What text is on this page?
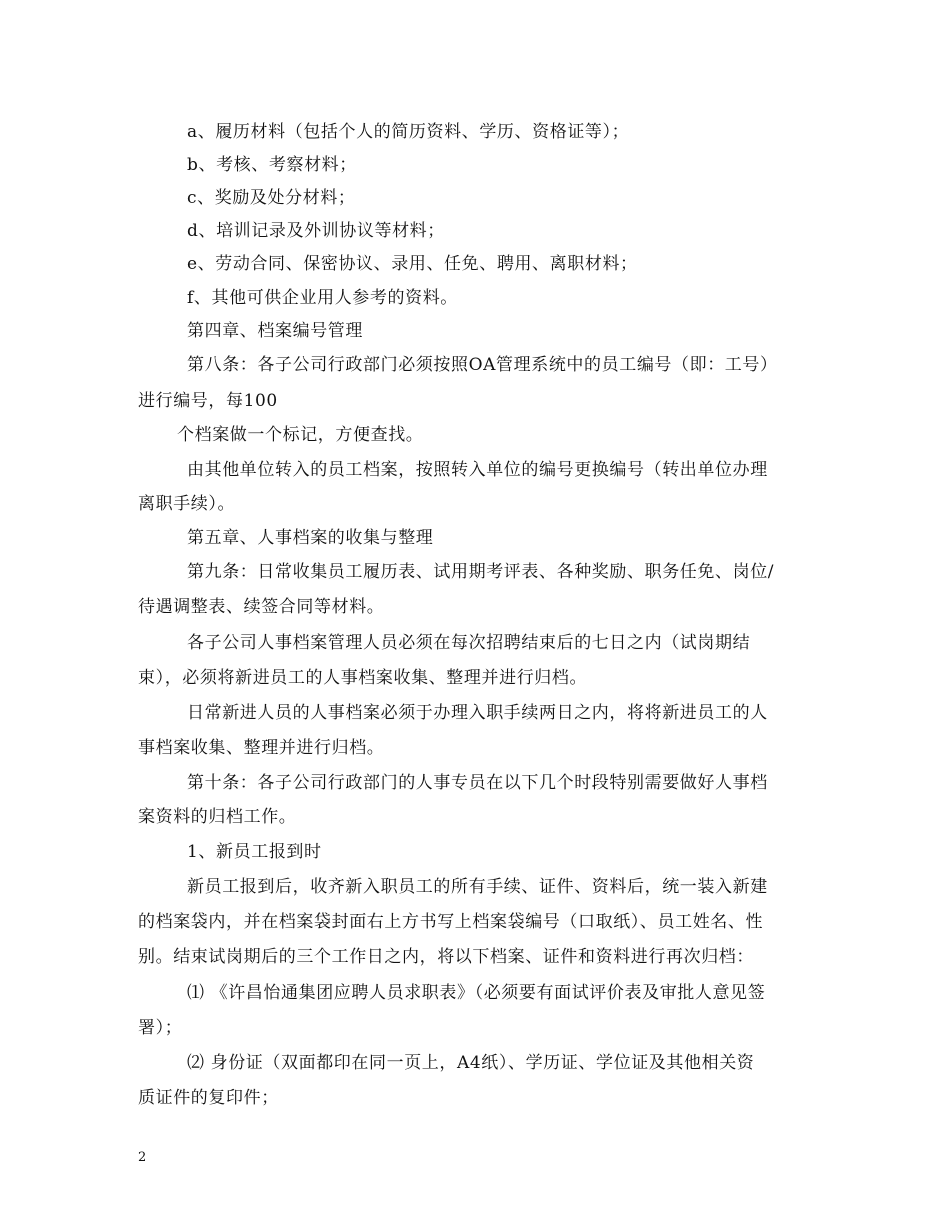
a、履历材料（包括个人的简历资料、学历、资格证等）；
b、考核、考察材料；
c、奖励及处分材料；
d、培训记录及外训协议等材料；
e、劳动合同、保密协议、录用、任免、聘用、离职材料；
f、其他可供企业用人参考的资料。
第四章、档案编号管理
第八条：各子公司行政部门必须按照OA管理系统中的员工编号（即：工号）
进行编号，每100
个档案做一个标记，方便查找。
由其他单位转入的员工档案，按照转入单位的编号更换编号（转出单位办理
离职手续）。
第五章、人事档案的收集与整理
第九条：日常收集员工履历表、试用期考评表、各种奖励、职务任免、岗位/
待遇调整表、续签合同等材料。
各子公司人事档案管理人员必须在每次招聘结束后的七日之内（试岗期结
束），必须将新进员工的人事档案收集、整理并进行归档。
日常新进人员的人事档案必须于办理入职手续两日之内，将将新进员工的人
事档案收集、整理并进行归档。
第十条：各子公司行政部门的人事专员在以下几个时段特别需要做好人事档
案资料的归档工作。
1、新员工报到时
新员工报到后，收齐新入职员工的所有手续、证件、资料后，统一装入新建
的档案袋内，并在档案袋封面右上方书写上档案袋编号（口取纸）、员工姓名、性
别。结束试岗期后的三个工作日之内，将以下档案、证件和资料进行再次归档：
⑴ 《许昌怡通集团应聘人员求职表》（必须要有面试评价表及审批人意见签
署）；
⑵ 身份证（双面都印在同一页上，A4纸）、学历证、学位证及其他相关资
质证件的复印件；
2
